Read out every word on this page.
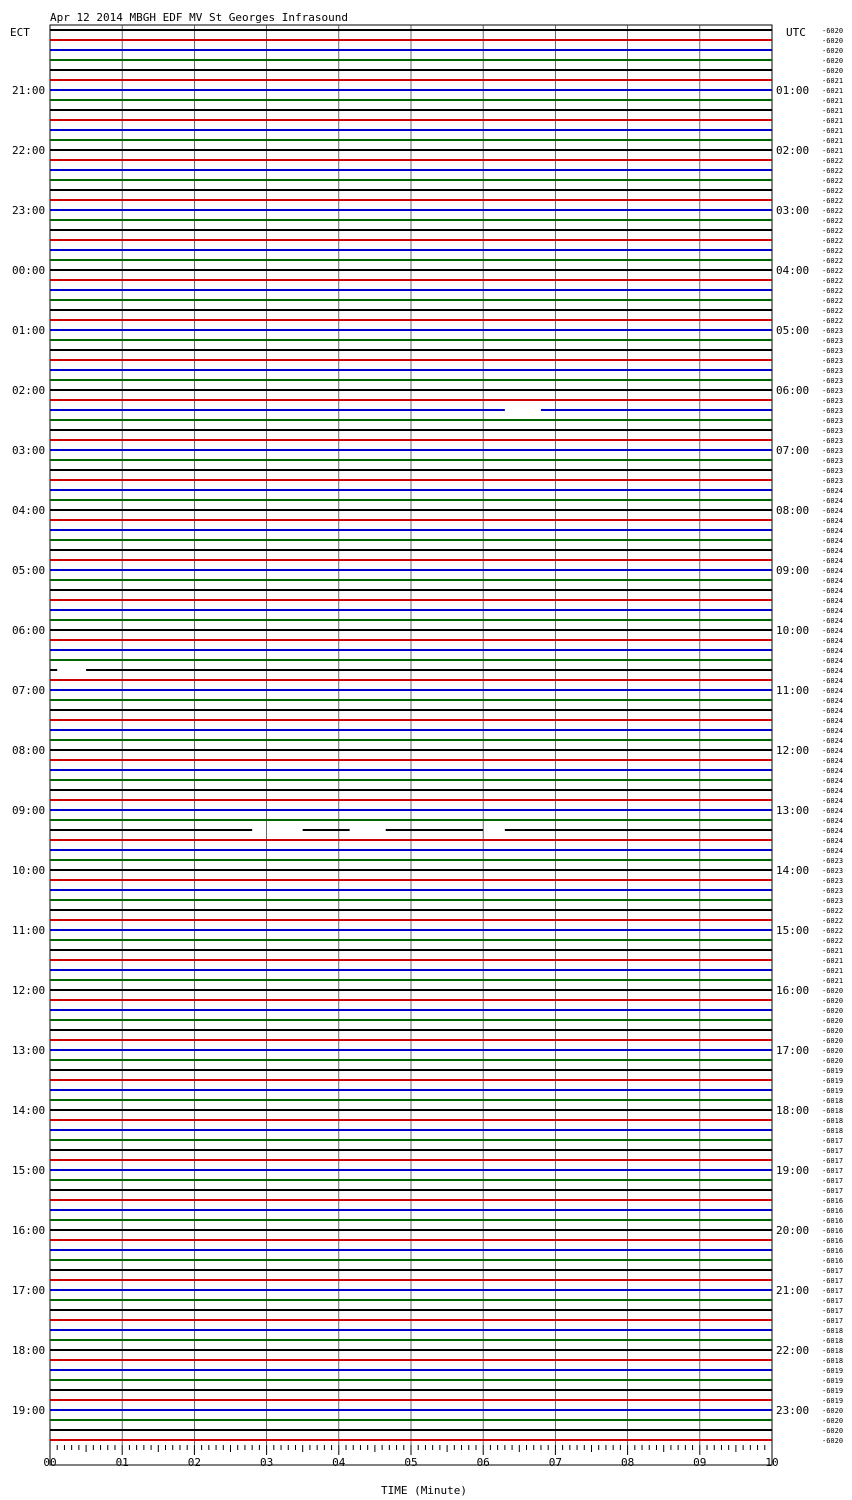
Apr 12 2014 MBGH EDF MV St Georges Infrasound
ECT	UTC
21:00
22:00
23:00
00:00
01:00
02:00
03:00
04:00
05:00
06:00
07:00
08:00
09:00
10:00
11:00
12:00
13:00
14:00
15:00
16:00
17:00
18:00
19:00
01:00
02:00
03:00
04:00
05:00
06:00
07:00
08:00
09:00
10:00
11:00
12:00
13:00
14:00
15:00
16:00
17:00
18:00
19:00
20:00
21:00
22:00
23:00
-6020
-6020
-6020
-6020
-6020
-6021
-6021
-6021
-6021
-6021
-6021
-6021
-6021
-6022
-6022
-6022
-6022
-6022
-6022
-6022
-6022
-6022
-6022
-6022
-6022
-6022
-6022
-6022
-6022
-6022
-6023
-6023
-6023
-6023
-6023
-6023
-6023
-6023
-6023
-6023
-6023
-6023
-6023
-6023
-6023
-6023
-6024
-6024
-6024
-6024
-6024
-6024
-6024
-6024
-6024
-6024
-6024
-6024
-6024
-6024
-6024
-6024
-6024
-6024
-6024
-6024
-6024
-6024
-6024
-6024
-6024
-6024
-6024
-6024
-6024
-6024
-6024
-6024
-6024
-6024
-6024
-6024
-6024
-6023
-6023
-6023
-6023
-6023
-6022
-6022
-6022
-6022
-6021
-6021
-6021
-6021
-6020
-6020
-6020
-6020
-6020
-6020
-6020
-6020
-6019
-6019
-6019
-6018
-6018
-6018
-6018
-6017
-6017
-6017
-6017
-6017
-6017
-6016
-6016
-6016
-6016
-6016
-6016
-6016
-6017
-6017
-6017
-6017
-6017
-6017
-6018
-6018
-6018
-6018
-6019
-6019
-6019
-6019
-6020
-6020
-6020
-6020
00	01	02	03	04	05	06	07	08	09	10
TIME (Minute)
